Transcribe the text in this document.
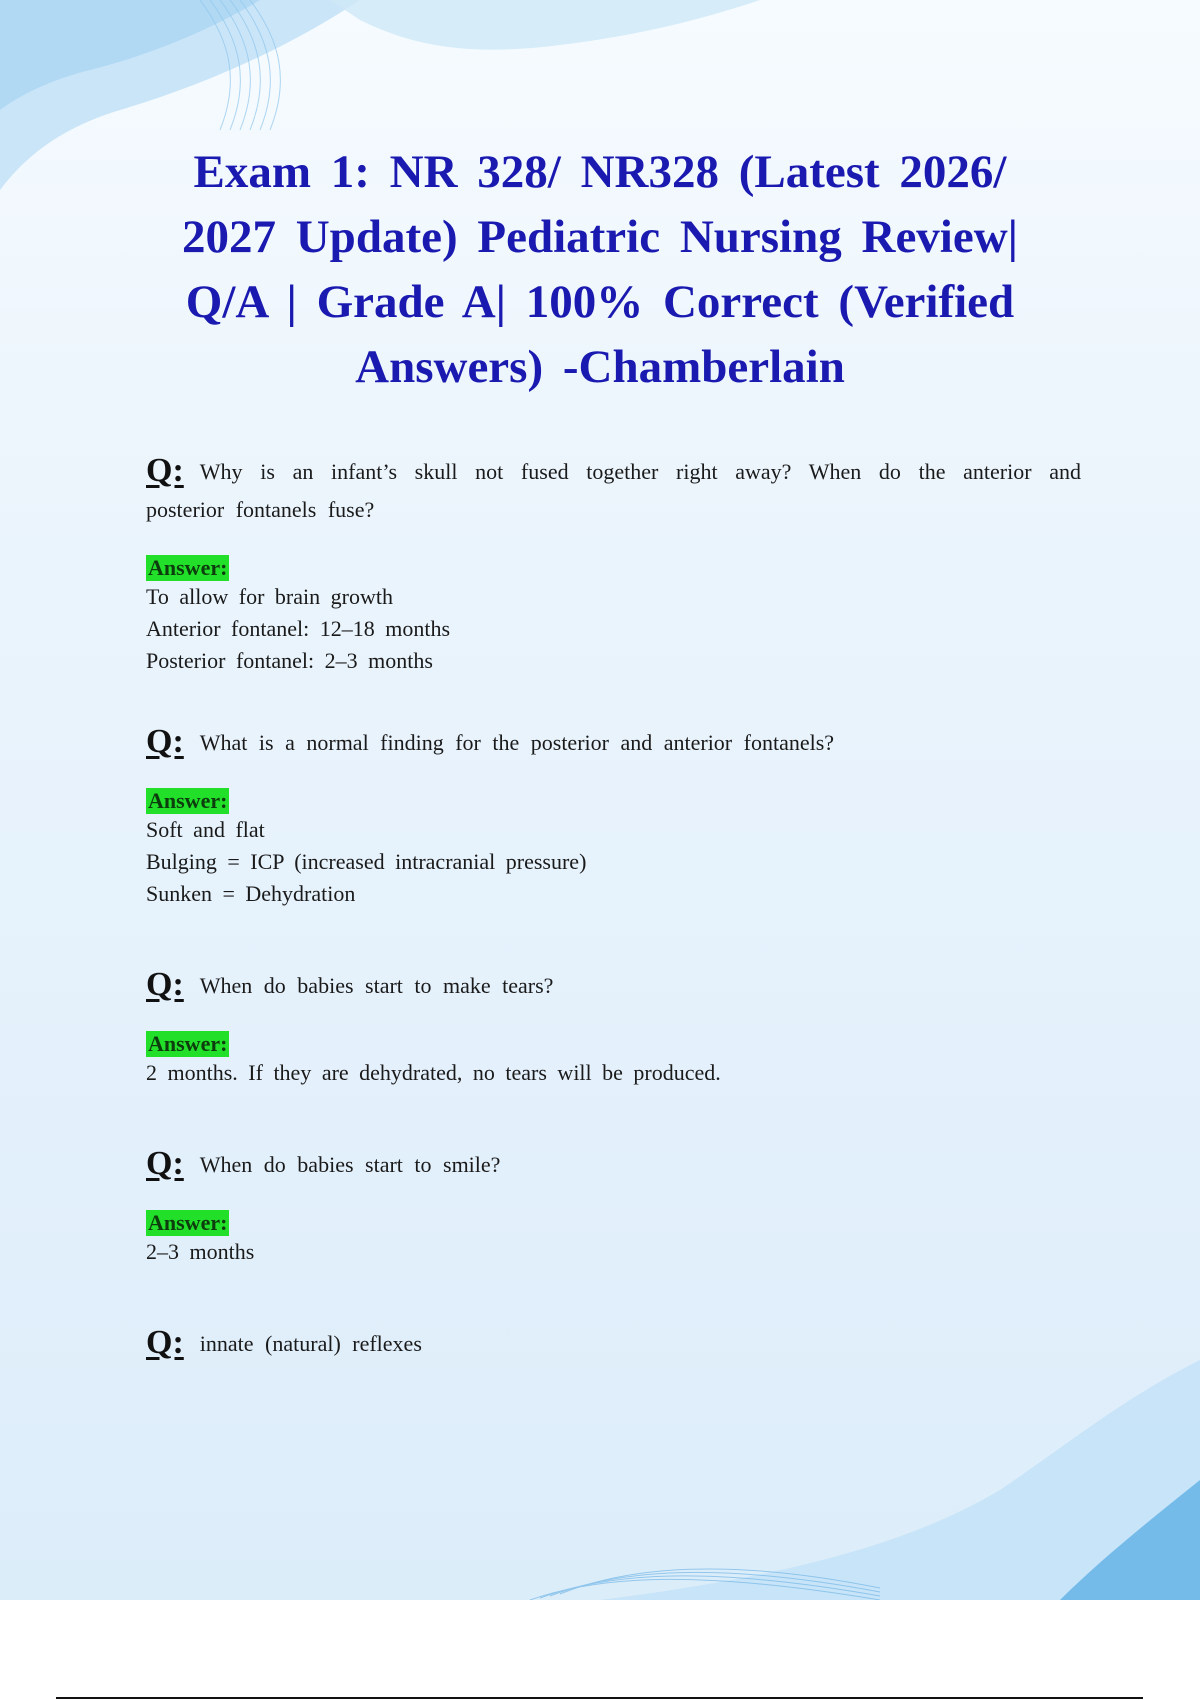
Exam 1: NR 328/ NR328 (Latest 2026/ 2027 Update) Pediatric Nursing Review| Q/A | Grade A| 100% Correct (Verified Answers) -Chamberlain
Q: Why is an infant’s skull not fused together right away? When do the anterior and posterior fontanels fuse?
Answer:
To allow for brain growth
Anterior fontanel: 12–18 months
Posterior fontanel: 2–3 months
Q: What is a normal finding for the posterior and anterior fontanels?
Answer:
Soft and flat
Bulging = ICP (increased intracranial pressure)
Sunken = Dehydration
Q: When do babies start to make tears?
Answer:
2 months. If they are dehydrated, no tears will be produced.
Q: When do babies start to smile?
Answer:
2–3 months
Q: innate (natural) reflexes
